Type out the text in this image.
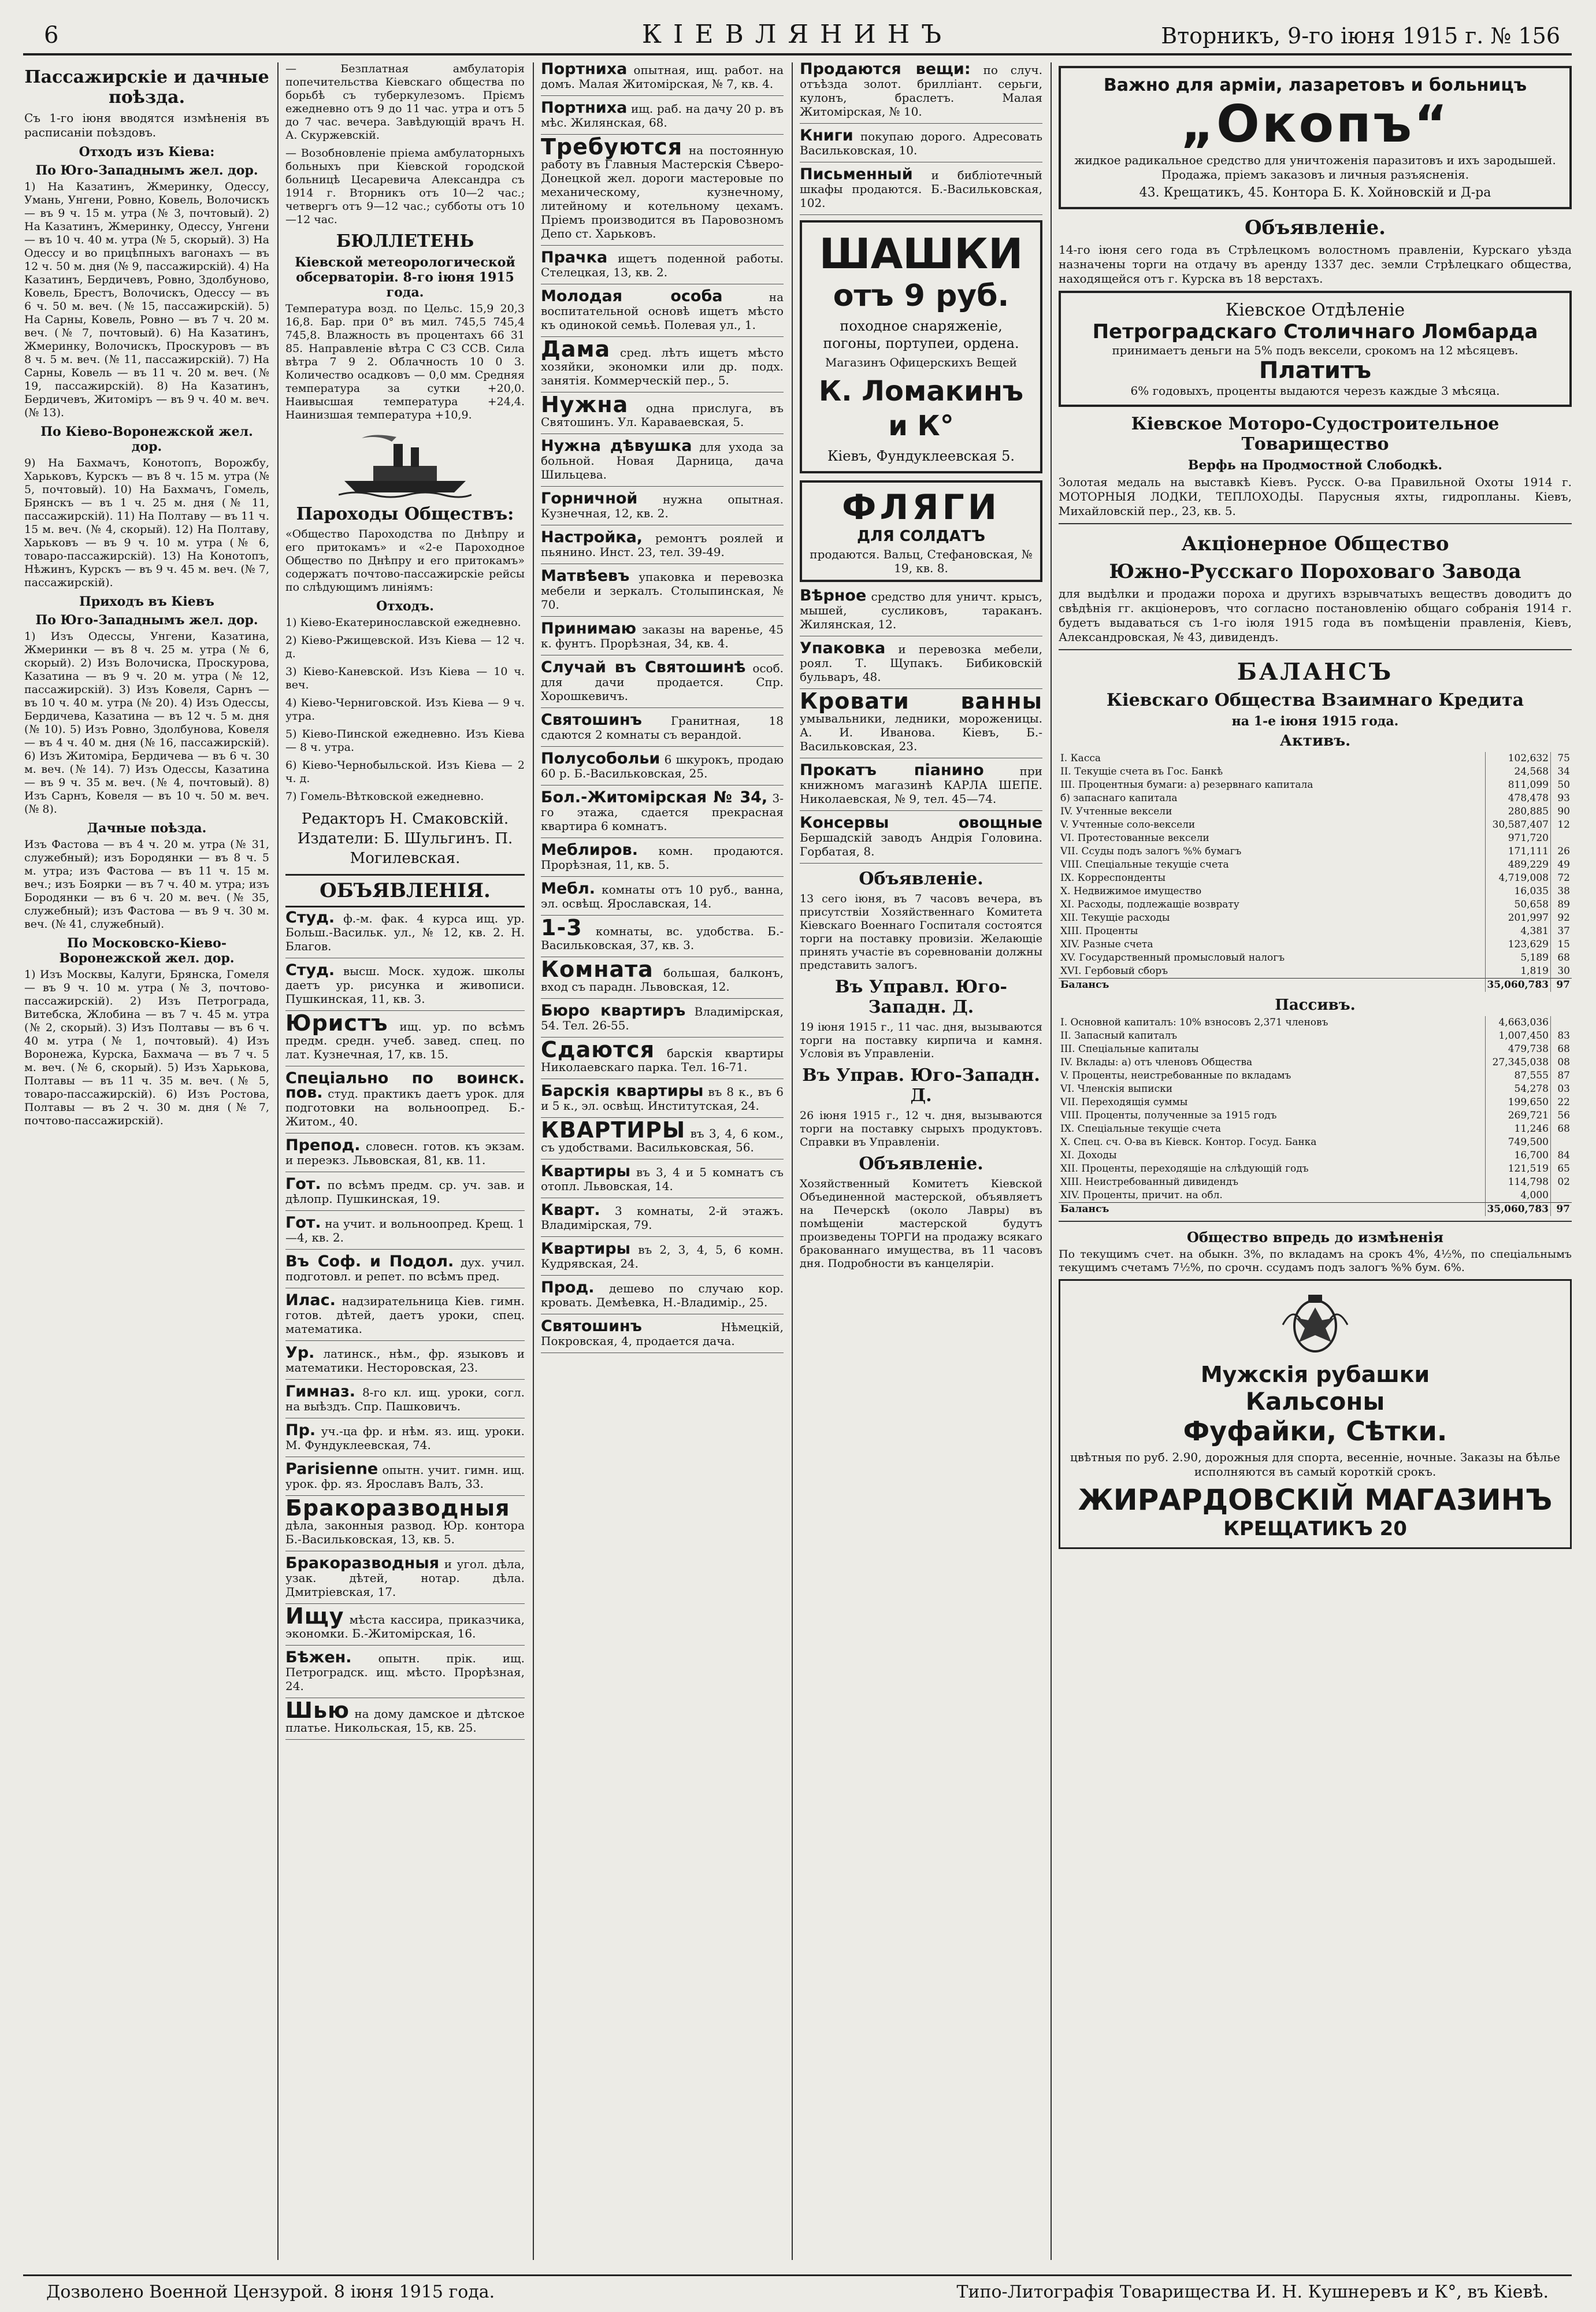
6	КІЕВЛЯНИНЪ	Вторникъ, 9-го іюня 1915 г. № 156
Пассажирскіе и дачные поѣзда.

Съ 1-го іюня вводятся измѣненія въ расписаніи поѣздовъ.

Отходъ изъ Кіева:
По Юго-Западнымъ жел. дор.

1) На Казатинъ, Жмеринку, Одессу, Умань, Унгени, Ровно, Ковель, Волочискъ — въ 9 ч. 15 м. утра (№ 3, почтовый). 2) На Казатинъ, Жмеринку, Одессу, Унгени — въ 10 ч. 40 м. утра (№ 5, скорый). 3) На Одессу и во прицѣпныхъ вагонахъ — въ 12 ч. 50 м. дня (№ 9, пассажирскій). 4) На Казатинъ, Бердичевъ, Ровно, Здолбуново, Ковель, Брестъ, Волочискъ, Одессу — въ 6 ч. 50 м. веч. (№ 15, пассажирскій). 5) На Сарны, Ковель, Ровно — въ 7 ч. 20 м. веч. (№ 7, почтовый). 6) На Казатинъ, Жмеринку, Волочискъ, Проскуровъ — въ 8 ч. 5 м. веч. (№ 11, пассажирскій). 7) На Сарны, Ковель — въ 11 ч. 20 м. веч. (№ 19, пассажирскій). 8) На Казатинъ, Бердичевъ, Житоміръ — въ 9 ч. 40 м. веч. (№ 13).

По Кіево-Воронежской жел. дор.

9) На Бахмачъ, Конотопъ, Ворожбу, Харьковъ, Курскъ — въ 8 ч. 15 м. утра (№ 5, почтовый). 10) На Бахмачъ, Гомель, Брянскъ — въ 1 ч. 25 м. дня (№ 11, пассажирскій). 11) На Полтаву — въ 11 ч. 15 м. веч. (№ 4, скорый). 12) На Полтаву, Харьковъ — въ 9 ч. 10 м. утра (№ 6, товаро-пассажирскій). 13) На Конотопъ, Нѣжинъ, Курскъ — въ 9 ч. 45 м. веч. (№ 7, пассажирскій).

Приходъ въ Кіевъ
По Юго-Западнымъ жел. дор.

1) Изъ Одессы, Унгени, Казатина, Жмеринки — въ 8 ч. 25 м. утра (№ 6, скорый). 2) Изъ Волочиска, Проскурова, Казатина — въ 9 ч. 20 м. утра (№ 12, пассажирскій). 3) Изъ Ковеля, Сарнъ — въ 10 ч. 40 м. утра (№ 20). 4) Изъ Одессы, Бердичева, Казатина — въ 12 ч. 5 м. дня (№ 10). 5) Изъ Ровно, Здолбунова, Ковеля — въ 4 ч. 40 м. дня (№ 16, пассажирскій). 6) Изъ Житоміра, Бердичева — въ 6 ч. 30 м. веч. (№ 14). 7) Изъ Одессы, Казатина — въ 9 ч. 35 м. веч. (№ 4, почтовый). 8) Изъ Сарнъ, Ковеля — въ 10 ч. 50 м. веч. (№ 8).

Дачные поѣзда.

Изъ Фастова — въ 4 ч. 20 м. утра (№ 31, служебный); изъ Бородянки — въ 8 ч. 5 м. утра; изъ Фастова — въ 11 ч. 15 м. веч.; изъ Боярки — въ 7 ч. 40 м. утра; изъ Бородянки — въ 6 ч. 20 м. веч. (№ 35, служебный); изъ Фастова — въ 9 ч. 30 м. веч. (№ 41, служебный).

По Московско-Кіево-Воронежской жел. дор.

1) Изъ Москвы, Калуги, Брянска, Гомеля — въ 9 ч. 10 м. утра (№ 3, почтово-пассажирскій). 2) Изъ Петрограда, Витебска, Жлобина — въ 7 ч. 45 м. утра (№ 2, скорый). 3) Изъ Полтавы — въ 6 ч. 40 м. утра (№ 1, почтовый). 4) Изъ Воронежа, Курска, Бахмача — въ 7 ч. 5 м. веч. (№ 6, скорый). 5) Изъ Харькова, Полтавы — въ 11 ч. 35 м. веч. (№ 5, товаро-пассажирскій). 6) Изъ Ростова, Полтавы — въ 2 ч. 30 м. дня (№ 7, почтово-пассажирскій).

— Безплатная амбулаторія попечительства Кіевскаго общества по борьбѣ съ туберкулезомъ. Пріємъ ежедневно отъ 9 до 11 час. утра и отъ 5 до 7 час. вечера. Завѣдующій врачъ Н. А. Скуржевскій.

— Возобновленіе пріема амбулаторныхъ больныхъ при Кіевской городской больницѣ Цесаревича Александра съ 1914 г. Вторникъ отъ 10—2 час.; четвергъ отъ 9—12 час.; субботы отъ 10—12 час.

БЮЛЛЕТЕНЬ
Кіевской метеорологической обсерваторіи. 8-го іюня 1915 года.

Температура возд. по Цельс. 15,9 20,3 16,8. Бар. при 0° въ мил. 745,5 745,4 745,8. Влажность въ процентахъ 66 31 85. Направленіе вѣтра С СЗ ССВ. Сила вѣтра 7 9 2. Облачность 10 0 3. Количество осадковъ — 0,0 мм. Средняя температура за сутки +20,0. Наивысшая температура +24,4. Наинизшая температура +10,9.

Пароходы Обществъ:

«Общество Пароходства по Днѣпру и его притокамъ» и «2-е Пароходное Общество по Днѣпру и его притокамъ» содержатъ почтово-пассажирскіе рейсы по слѣдующимъ линіямъ:

Отходъ.

1) Кіево-Екатеринославской ежедневно.

2) Кіево-Ржищевской. Изъ Кіева — 12 ч. д.

3) Кіево-Каневской. Изъ Кіева — 10 ч. веч.

4) Кіево-Черниговской. Изъ Кіева — 9 ч. утра.

5) Кіево-Пинской ежедневно. Изъ Кіева — 8 ч. утра.

6) Кіево-Чернобыльской. Изъ Кіева — 2 ч. д.

7) Гомель-Вѣтковской ежедневно.

Редакторъ Н. Смаковскій.
Издатели: Б. Шульгинъ. П. Могилевская.
ОБЪЯВЛЕНІЯ.
Студ. ф.-м. фак. 4 курса ищ. ур. Больш.-Васильк. ул., № 12, кв. 2. Н. Благов.
Студ. высш. Моск. худож. школы даетъ ур. рисунка и живописи. Пушкинская, 11, кв. 3.
Юристъ ищ. ур. по всѣмъ предм. средн. учеб. завед. спец. по лат. Кузнечная, 17, кв. 15.
Спеціально по воинск. пов. студ. практикъ даетъ урок. для подготовки на вольноопред. Б.-Житом., 40.
Препод. словесн. готов. къ экзам. и переэкз. Львовская, 81, кв. 11.
Гот. по всѣмъ предм. ср. уч. зав. и дѣлопр. Пушкинская, 19.
Гот. на учит. и вольноопред. Крещ. 1—4, кв. 2.
Въ Соф. и Подол. дух. учил. подготовл. и репет. по всѣмъ пред.
Илас. надзирательница Кіев. гимн. готов. дѣтей, даетъ уроки, спец. математика.
Ур. латинск., нѣм., фр. языковъ и математики. Несторовская, 23.
Гимназ. 8-го кл. ищ. уроки, согл. на выѣздъ. Спр. Пашковичъ.
Пр. уч.-ца фр. и нѣм. яз. ищ. уроки. М. Фундуклеевская, 74.
Parisienne опытн. учит. гимн. ищ. урок. фр. яз. Ярославъ Валъ, 33.
Бракоразводныя дѣла, законныя развод. Юр. контора Б.-Васильковская, 13, кв. 5.
Бракоразводныя и угол. дѣла, узак. дѣтей, нотар. дѣла. Дмитріевская, 17.
Ищу мѣста кассира, приказчика, экономки. Б.-Житомірская, 16.
Бѣжен. опытн. прік. ищ. Петроградск. ищ. мѣсто. Прорѣзная, 24.
Шью на дому дамское и дѣтское платье. Никольская, 15, кв. 25.
Портниха опытная, ищ. работ. на домъ. Малая Житомірская, № 7, кв. 4.
Портниха ищ. раб. на дачу 20 р. въ мѣс. Жилянская, 68.
Требуются на постоянную работу въ Главныя Мастерскія Сѣверо-Донецкой жел. дороги мастеровые по механическому, кузнечному, литейному и котельному цехамъ. Пріемъ производится въ Паровозномъ Депо ст. Харьковъ.
Прачка ищетъ поденной работы. Стелецкая, 13, кв. 2.
Молодая особа	на воспитательной основѣ ищетъ мѣсто къ одинокой семьѣ. Полевая ул., 1.
Дама сред. лѣтъ ищетъ мѣсто хозяйки, экономки или др. подх. занятія. Коммерческій пер., 5.
Нужна одна прислуга, въ Святошинъ. Ул. Караваевская, 5.
Нужна дѣвушка для ухода за больной. Новая Дарница, дача Шильцева.
Горничной нужна опытная. Кузнечная, 12, кв. 2.
Настройка, ремонтъ роялей и пьянино. Инст. 23, тел. 39-49.
Матвѣевъ упаковка и перевозка мебели и зеркалъ. Столыпинская, № 70.
Принимаю заказы на варенье, 45 к. фунтъ. Прорѣзная, 34, кв. 4.
Случай въ Святошинѣ особ. для дачи продается. Спр. Хорошкевичъ.
Святошинъ Гранитная, 18 сдаются 2 комнаты съ верандой.
Полусобольи 6 шкурокъ, продаю 60 р. Б.-Васильковская, 25.
Бол.-Житомірская № 34, 3-го этажа, сдается прекрасная квартира 6 комнатъ.
Меблиров. комн. продаются. Прорѣзная, 11, кв. 5.
Мебл. комнаты отъ 10 руб., ванна, эл. освѣщ. Ярославская, 14.
1-3 комнаты, вс. удобства. Б.-Васильковская, 37, кв. 3.
Комната большая, балконъ, вход съ парадн. Львовская, 12.
Бюро квартиръ Владимірская, 54. Тел. 26-55.
Сдаются барскія квартиры Николаевскаго парка. Тел. 16-71.
Барскія квартиры въ 8 к., въ 6 и 5 к., эл. освѣщ. Институтская, 24.
КВАРТИРЫ въ 3, 4, 6 ком., съ удобствами. Васильковская, 56.
Квартиры въ 3, 4 и 5 комнатъ съ отопл. Львовская, 14.
Кварт. 3 комнаты, 2-й этажъ. Владимірская, 79.
Квартиры въ 2, 3, 4, 5, 6 комн. Кудрявская, 24.
Прод. дешево по случаю кор. кровать. Демѣевка, Н.-Владимір., 25.
Святошинъ	Нѣмецкій, Покровская, 4, продается дача.
Продаются вещи: по случ. отъѣзда золот. брилліант. серьги, кулонъ, браслетъ. Малая Житомірская, № 10.
Книги покупаю дорого. Адресовать Васильковская, 10.
Письменный и библіотечный шкафы продаются. Б.-Васильковская, 102.
ШАШКИ
отъ 9 руб.
походное снаряженіе, погоны, портупеи, ордена.
Магазинъ Офицерскихъ Вещей
К. Ломакинъ и К°
Кіевъ, Фундуклеевская 5.
ФЛЯГИ
ДЛЯ СОЛДАТЪ
продаются. Вальц, Стефановская, № 19, кв. 8.
Вѣрное средство для уничт. крысъ, мышей, сусликовъ, тараканъ. Жилянская, 12.
Упаковка и перевозка мебели, роял. Т. Щупакъ. Бибиковскій бульваръ, 48.
Кровати ванны умывальники, ледники, мороженицы. А. И. Иванова. Кіевъ, Б.-Васильковская, 23.
Прокатъ піанино	при книжномъ магазинѣ КАРЛА ШЕПЕ. Николаевская, № 9, тел. 45—74.
Консервы овощные Бершадскій заводъ Андрія Головина. Горбатая, 8.
Объявленіе.

13 сего іюня, въ 7 часовъ вечера, въ присутствіи Хозяйственнаго Комитета Кіевскаго Военнаго Госпиталя состоятся торги на поставку провизіи. Желающіе принять участіе въ соревнованіи должны представить залогъ.

Въ Управл. Юго-Западн. Д.

19 іюня 1915 г., 11 час. дня, вызываются торги на поставку кирпича и камня. Условія въ Управленіи.

Въ Управ. Юго-Западн. Д.

26 іюня 1915 г., 12 ч. дня, вызываются торги на поставку сырыхъ продуктовъ. Справки въ Управленіи.

Объявленіе.

Хозяйственный Комитетъ Кіевской Объединенной мастерской, объявляетъ на Печерскѣ (около Лавры) въ помѣщеніи мастерской будутъ произведены ТОРГИ на продажу всякаго бракованнаго имущества, въ 11 часовъ дня. Подробности въ канцеляріи.

Важно для арміи, лазаретовъ и больницъ
„Окопъ“
жидкое радикальное средство для уничтоженія паразитовъ и ихъ зародышей. Продажа, пріемъ заказовъ и личныя разъясненія.
43. Крещатикъ, 45. Контора Б. К. Хойновскій и Д-ра
Объявленіе.

14-го іюня сего года въ Стрѣлецкомъ волостномъ правленіи, Курскаго уѣзда назначены торги на отдачу въ аренду 1337 дес. земли Стрѣлецкаго общества, находящейся отъ г. Курска въ 18 верстахъ.

Кіевское Отдѣленіе
Петроградскаго Столичнаго Ломбарда
принимаетъ деньги на 5% подъ вексели, срокомъ на 12 мѣсяцевъ.
Платитъ
6% годовыхъ, проценты выдаются черезъ каждые 3 мѣсяца.
Кіевское Мотоpo-Судостроительное Товарищество
Верфь на Продмостной Слободкѣ.

Золотая медаль на выставкѣ Кіевъ. Русск. О-ва Правильной Охоты 1914 г. МОТОРНЫЯ ЛОДКИ, ТЕПЛОХОДЫ. Парусныя яхты, гидропланы. Кіевъ, Михайловскій пер., 23, кв. 5.

Акціонерное Общество
Южно-Русскаго Пороховаго Завода

для выдѣлки и продажи пороха и другихъ взрывчатыхъ веществъ доводитъ до свѣдѣнія гг. акціонеровъ, что согласно постановленію общаго собранія 1914 г. будетъ выдаваться съ 1-го іюля 1915 года въ помѣщеніи правленія, Кіевъ, Александровская, № 43, дивидендъ.

БАЛАНСЪ
Кіевскаго Общества Взаимнаго Кредита
на 1-е іюня 1915 года.
Активъ.
I. Касса	102,632	75
II. Текущіе счета въ Гос. Банкѣ	24,568	34
III. Процентныя бумаги: а) резервнаго капитала	811,099	50
б) запаснаго капитала	478,478	93
IV. Учтенные вексели	280,885	90
V. Учтенные соло-вексели	30,587,407	12
VI. Протестованные вексели	971,720	
VII. Ссуды подъ залогъ %% бумагъ	171,111	26
VIII. Спеціальные текущіе счета	489,229	49
IX. Корреспонденты	4,719,008	72
X. Недвижимое имущество	16,035	38
XI. Расходы, подлежащіе возврату	50,658	89
XII. Текущіе расходы	201,997	92
XIII. Проценты	4,381	37
XIV. Разные счета	123,629	15
XV. Государственный промысловый налогъ	5,189	68
XVI. Гербовый сборъ	1,819	30
Балансъ	35,060,783	97
Пассивъ.
I. Основной капиталъ: 10% взносовъ 2,371 членовъ	4,663,036	
II. Запасный капиталъ	1,007,450	83
III. Спеціальные капиталы	479,738	68
IV. Вклады: а) отъ членовъ Общества	27,345,038	08
V. Проценты, неистребованные по вкладамъ	87,555	87
VI. Членскія выписки	54,278	03
VII. Переходящія суммы	199,650	22
VIII. Проценты, полученные за 1915 годъ	269,721	56
IX. Спеціальные текущіе счета	11,246	68
X. Спец. сч. О-ва въ Кіевск. Контор. Госуд. Банка	749,500	
XI. Доходы	16,700	84
XII. Проценты, переходящіе на слѣдующій годъ	121,519	65
XIII. Неистребованный дивидендъ	114,798	02
XIV. Проценты, причит. на обл.	4,000	
Балансъ	35,060,783	97
Общество впредь до измѣненія

По текущимъ счет. на обыкн. 3%, по вкладамъ на срокъ 4%, 4½%, по спеціальнымъ текущимъ счетамъ 7½%, по срочн. ссудамъ подъ залогъ %% бум. 6%.

Мужскія рубашки
Кальсоны
Фуфайки, Сѣтки.
цвѣтныя по руб. 2.90, дорожныя для спорта, весенніе, ночные. Заказы на бѣлье исполняются въ самый короткій срокъ.
ЖИРАРДОВСКІЙ МАГАЗИНЪ
КРЕЩАТИКЪ 20
Дозволено Военной Цензурой. 8 іюня 1915 года.	Типо-Литографія Товарищества И. Н. Кушнеревъ и К°, въ Кіевѣ.
